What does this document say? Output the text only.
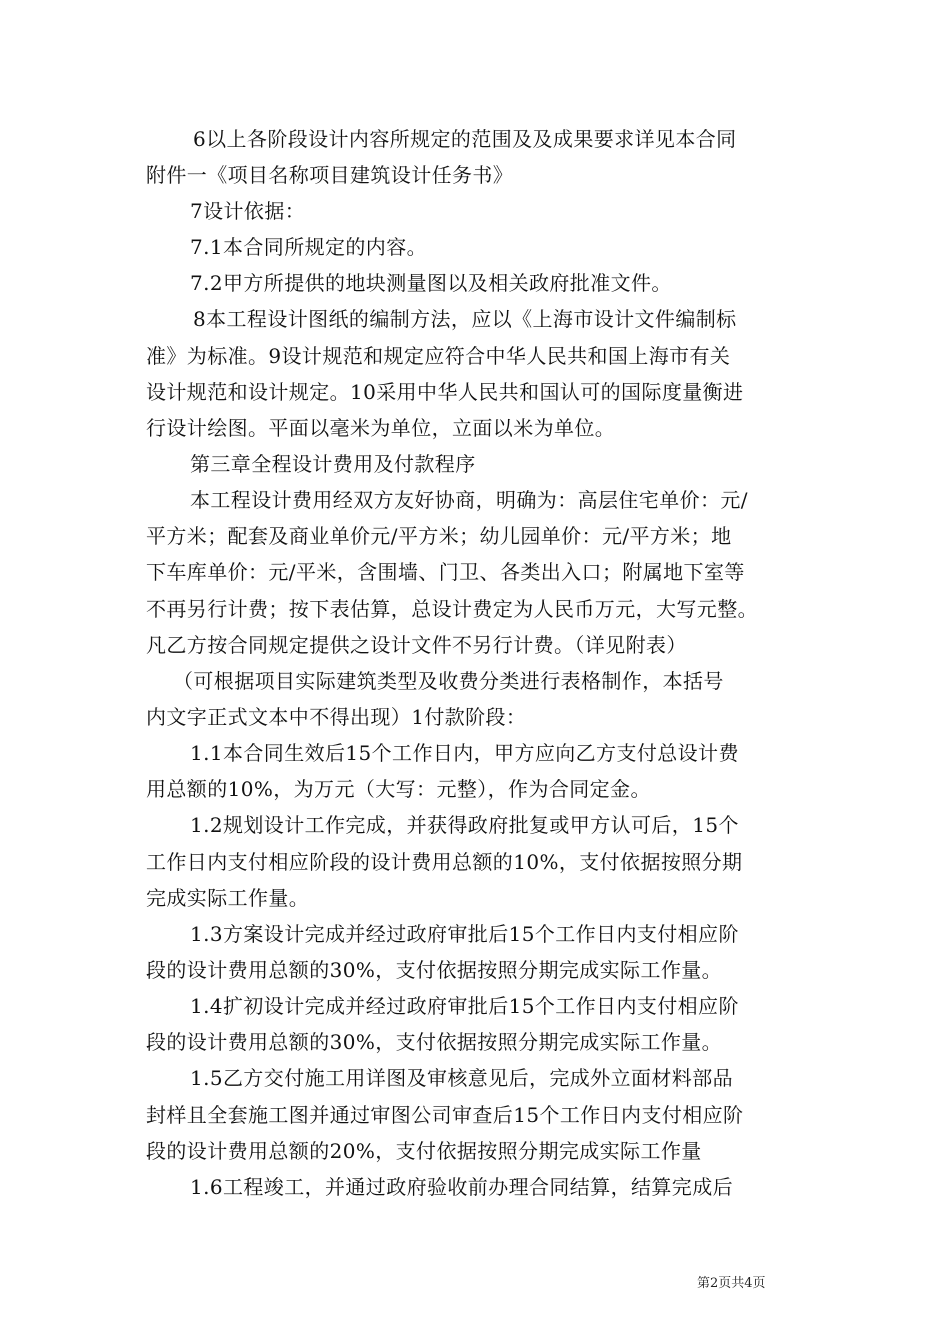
6以上各阶段设计内容所规定的范围及及成果要求详见本合同
附件一《项目名称项目建筑设计任务书》
7设计依据：
7.1本合同所规定的内容。
7.2甲方所提供的地块测量图以及相关政府批准文件。
8本工程设计图纸的编制方法，应以《上海市设计文件编制标
准》为标准。9设计规范和规定应符合中华人民共和国上海市有关
设计规范和设计规定。10采用中华人民共和国认可的国际度量衡进
行设计绘图。平面以毫米为单位，立面以米为单位。
第三章全程设计费用及付款程序
本工程设计费用经双方友好协商，明确为：高层住宅单价：元/
平方米；配套及商业单价元/平方米；幼儿园单价：元/平方米；地
下车库单价：元/平米，含围墙、门卫、各类出入口；附属地下室等
不再另行计费；按下表估算，总设计费定为人民币万元，大写元整。
凡乙方按合同规定提供之设计文件不另行计费。（详见附表）
（可根据项目实际建筑类型及收费分类进行表格制作，本括号
内文字正式文本中不得出现）1付款阶段：
1.1本合同生效后15个工作日内，甲方应向乙方支付总设计费
用总额的10%，为万元（大写：元整），作为合同定金。
1.2规划设计工作完成，并获得政府批复或甲方认可后，15个
工作日内支付相应阶段的设计费用总额的10%，支付依据按照分期
完成实际工作量。
1.3方案设计完成并经过政府审批后15个工作日内支付相应阶
段的设计费用总额的30%，支付依据按照分期完成实际工作量。
1.4扩初设计完成并经过政府审批后15个工作日内支付相应阶
段的设计费用总额的30%，支付依据按照分期完成实际工作量。
1.5乙方交付施工用详图及审核意见后，完成外立面材料部品
封样且全套施工图并通过审图公司审查后15个工作日内支付相应阶
段的设计费用总额的20%，支付依据按照分期完成实际工作量
1.6工程竣工，并通过政府验收前办理合同结算，结算完成后
第2页共4页
